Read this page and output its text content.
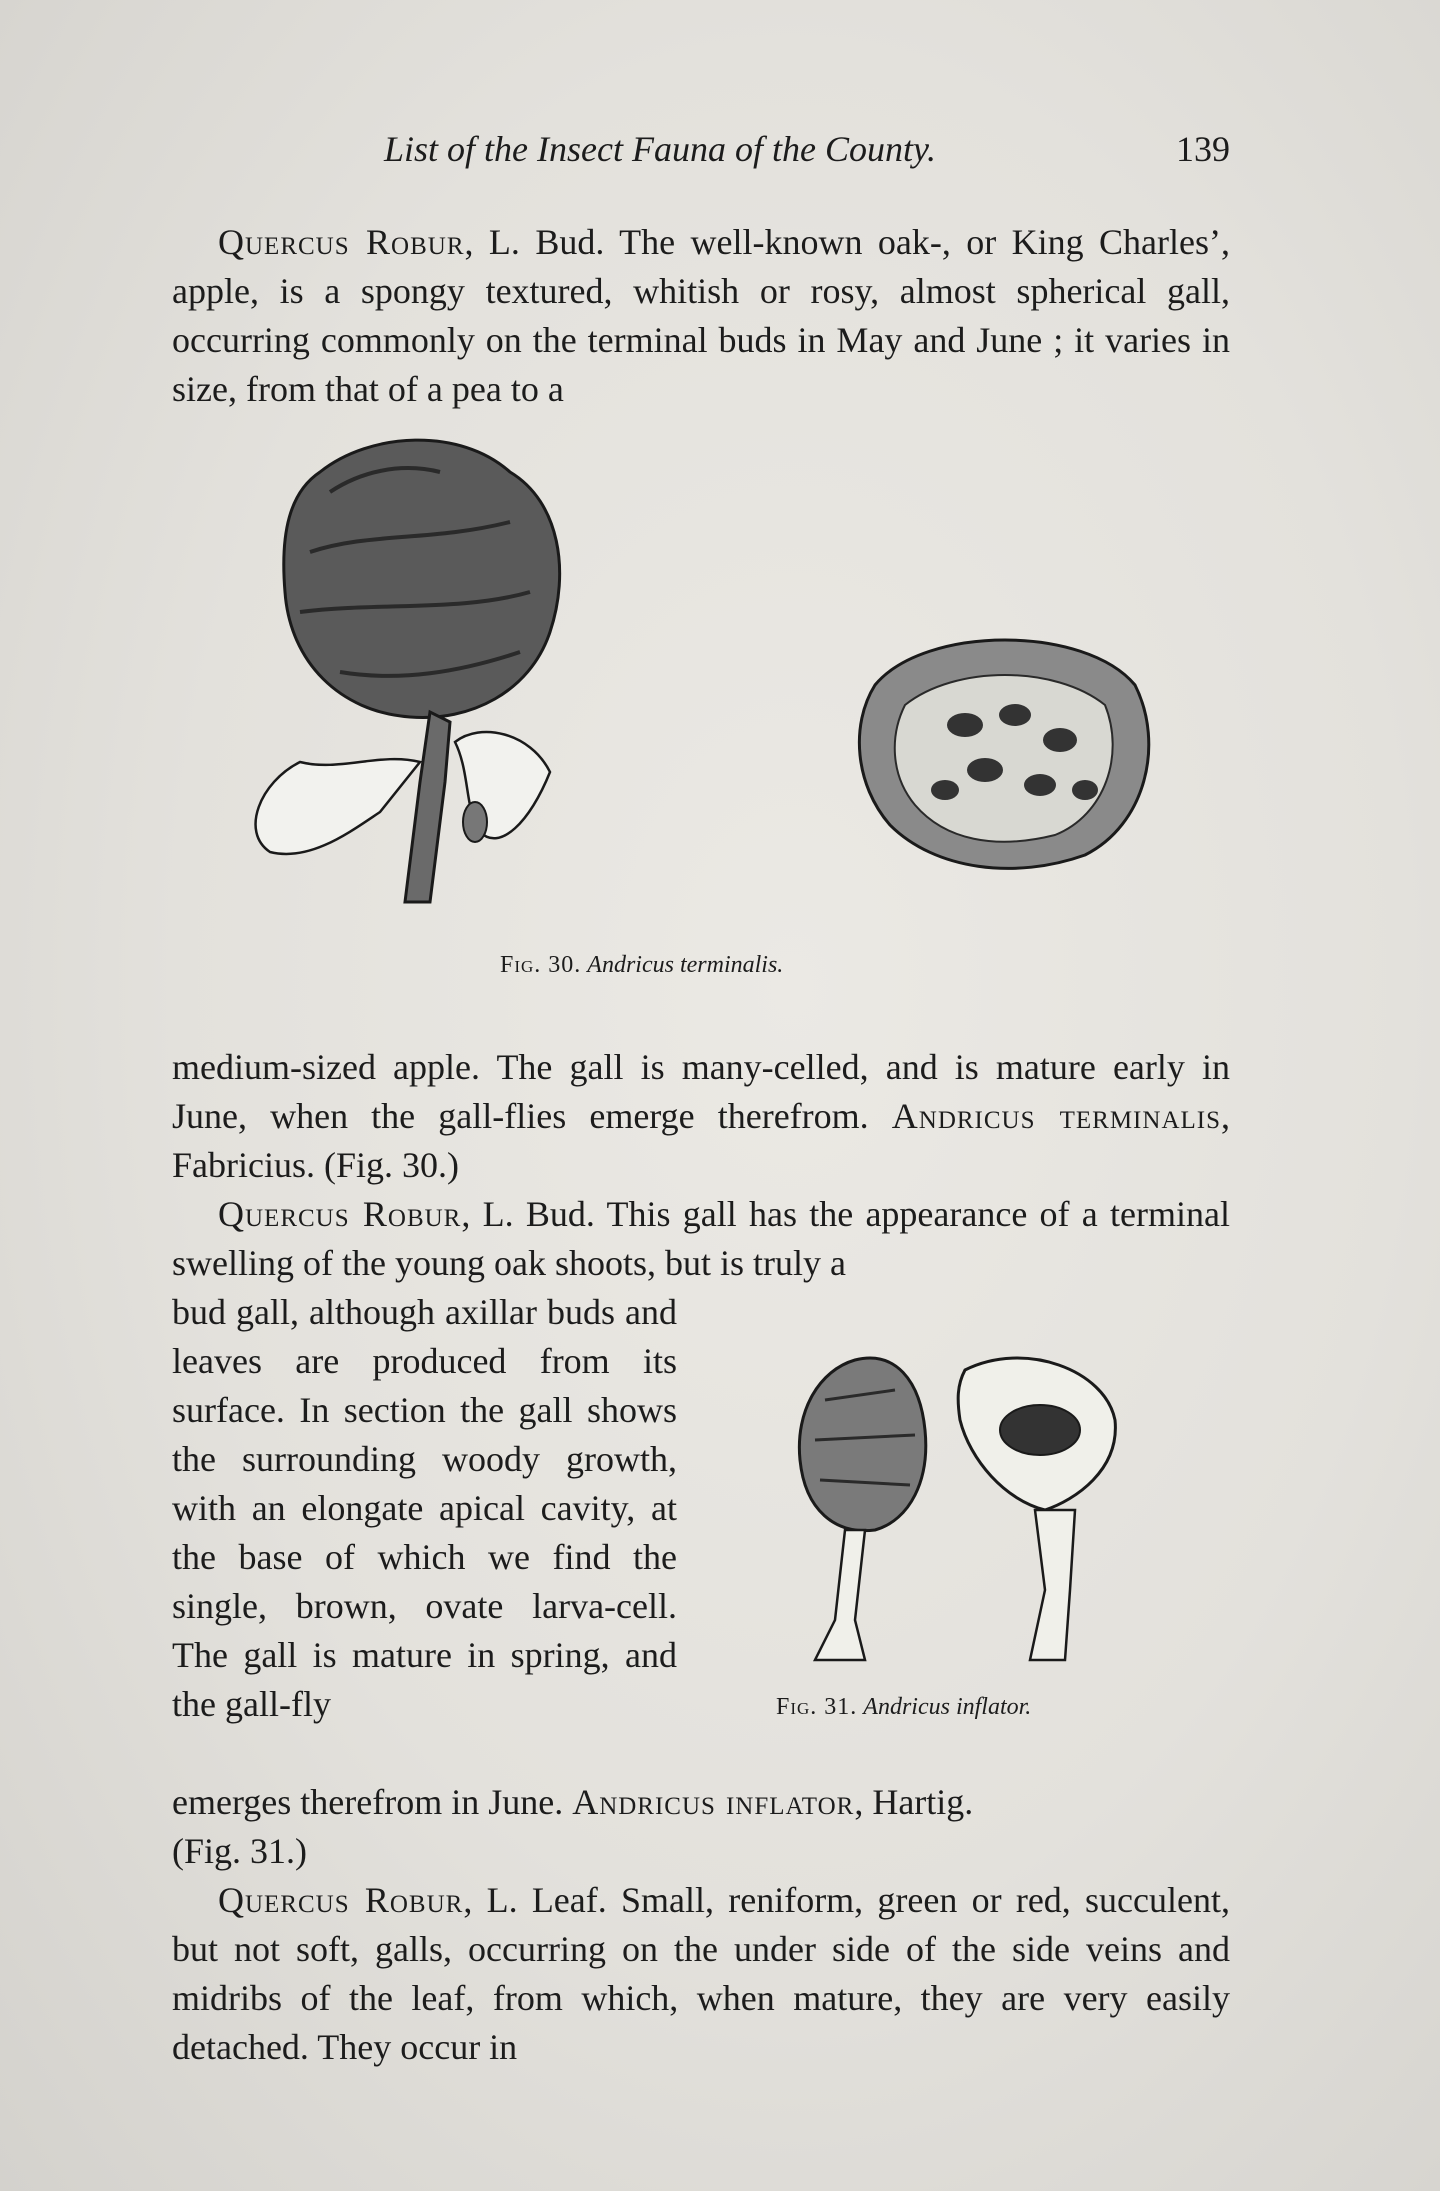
List of the Insect Fauna of the County.	139

Quercus Robur, L. Bud. The well-known oak-, or King Charles’, apple, is a spongy textured, whitish or rosy, almost spherical gall, occurring commonly on the terminal buds in May and June ; it varies in size, from that of a pea to a

Fig. 30. Andricus terminalis.

medium-sized apple. The gall is many-celled, and is mature early in June, when the gall-flies emerge therefrom. Andricus terminalis, Fabricius. (Fig. 30.)

Quercus Robur, L. Bud. This gall has the appearance of a terminal swelling of the young oak shoots, but is truly a

bud gall, although axillar buds and leaves are produced from its surface. In section the gall shows the surrounding woody growth, with an elongate apical cavity, at the base of which we find the single, brown, ovate larva-cell. The gall is mature in spring, and the gall-fly	Fig. 31. Andricus inflator.

emerges therefrom in June. Andricus inflator, Hartig.
(Fig. 31.)

Quercus Robur, L. Leaf. Small, reniform, green or red, succulent, but not soft, galls, occurring on the under side of the side veins and midribs of the leaf, from which, when mature, they are very easily detached. They occur in
